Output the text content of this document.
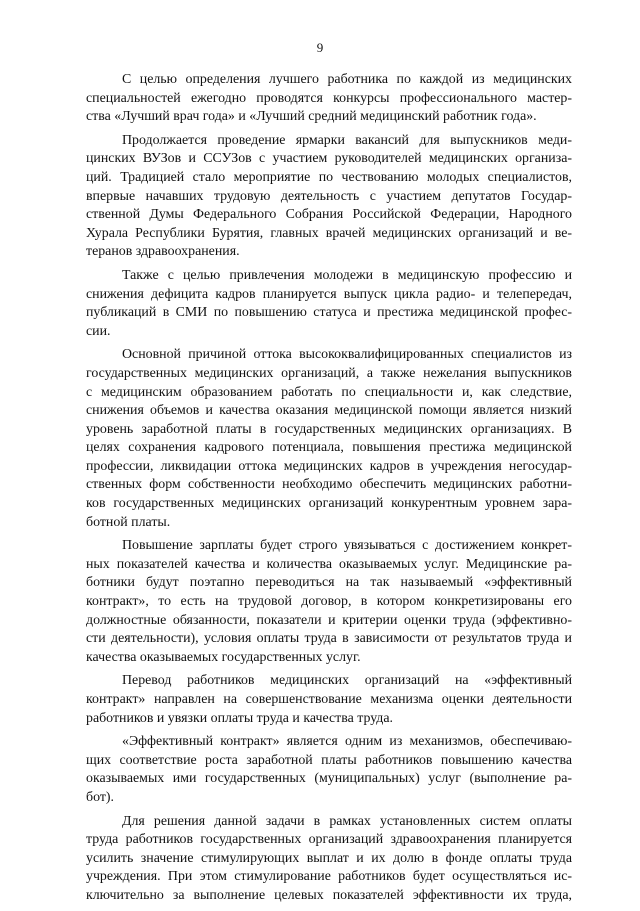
9
С целью определения лучшего работника по каждой из медицинских
специальностей ежегодно проводятся конкурсы профессионального мастер-
ства «Лучший врач года» и «Лучший средний медицинский работник года».
Продолжается проведение ярмарки вакансий для выпускников меди-
цинских ВУЗов и ССУЗов с участием руководителей медицинских организа-
ций. Традицией стало мероприятие по чествованию молодых специалистов,
впервые начавших трудовую деятельность с участием депутатов Государ-
ственной Думы Федерального Собрания Российской Федерации, Народного
Хурала Республики Бурятия, главных врачей медицинских организаций и ве-
теранов здравоохранения.
Также с целью привлечения молодежи в медицинскую профессию и
снижения дефицита кадров планируется выпуск цикла радио- и телепередач,
публикаций в СМИ по повышению статуса и престижа медицинской профес-
сии.
Основной причиной оттока высококвалифицированных специалистов из
государственных медицинских организаций, а также нежелания выпускников
с медицинским образованием работать по специальности и, как следствие,
снижения объемов и качества оказания медицинской помощи является низкий
уровень заработной платы в государственных медицинских организациях. В
целях сохранения кадрового потенциала, повышения престижа медицинской
профессии, ликвидации оттока медицинских кадров в учреждения негосудар-
ственных форм собственности необходимо обеспечить медицинских работни-
ков государственных медицинских организаций конкурентным уровнем зара-
ботной платы.
Повышение зарплаты будет строго увязываться с достижением конкрет-
ных показателей качества и количества оказываемых услуг. Медицинские ра-
ботники будут поэтапно переводиться на так называемый «эффективный
контракт», то есть на трудовой договор, в котором конкретизированы его
должностные обязанности, показатели и критерии оценки труда (эффективно-
сти деятельности), условия оплаты труда в зависимости от результатов труда и
качества оказываемых государственных услуг.
Перевод работников медицинских организаций на «эффективный
контракт» направлен на совершенствование механизма оценки деятельности
работников и увязки оплаты труда и качества труда.
«Эффективный контракт» является одним из механизмов, обеспечиваю-
щих соответствие роста заработной платы работников повышению качества
оказываемых ими государственных (муниципальных) услуг (выполнение ра-
бот).
Для решения данной задачи в рамках установленных систем оплаты
труда работников государственных организаций здравоохранения планируется
усилить значение стимулирующих выплат и их долю в фонде оплаты труда
учреждения. При этом стимулирование работников будет осуществляться ис-
ключительно за выполнение целевых показателей эффективности их труда,
